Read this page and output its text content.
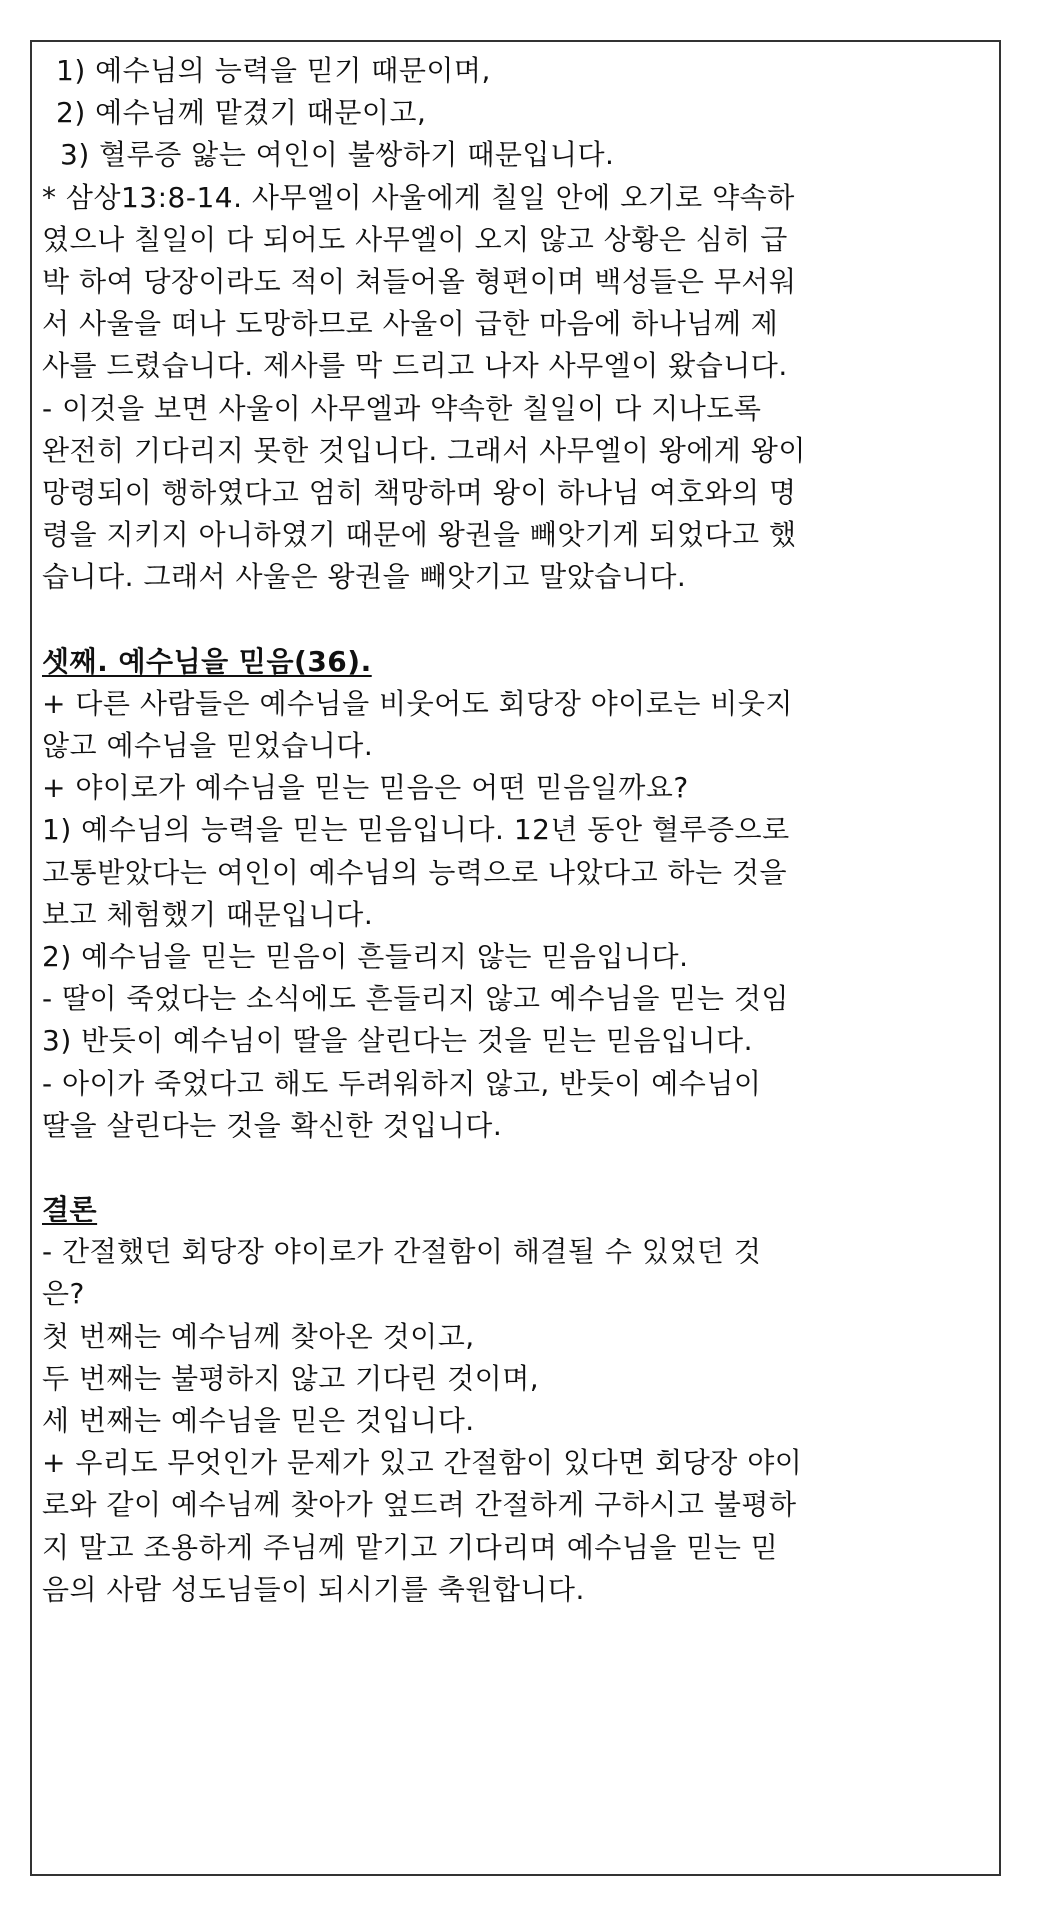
1) 예수님의 능력을 믿기 때문이며,
2) 예수님께 맡겼기 때문이고,
3) 혈루증 앓는 여인이 불쌍하기 때문입니다.
* 삼상13:8-14. 사무엘이 사울에게 칠일 안에 오기로 약속하
였으나 칠일이 다 되어도 사무엘이 오지 않고 상황은 심히 급
박 하여 당장이라도 적이 쳐들어올 형편이며 백성들은 무서워
서 사울을 떠나 도망하므로 사울이 급한 마음에 하나님께 제
사를 드렸습니다. 제사를 막 드리고 나자 사무엘이 왔습니다.
- 이것을 보면 사울이 사무엘과 약속한 칠일이 다 지나도록
완전히 기다리지 못한 것입니다. 그래서 사무엘이 왕에게 왕이
망령되이 행하였다고 엄히 책망하며 왕이 하나님 여호와의 명
령을 지키지 아니하였기 때문에 왕권을 빼앗기게 되었다고 했
습니다. 그래서 사울은 왕권을 빼앗기고 말았습니다.
셋째. 예수님을 믿음(36).
+ 다른 사람들은 예수님을 비웃어도 회당장 야이로는 비웃지
않고 예수님을 믿었습니다.
+ 야이로가 예수님을 믿는 믿음은 어떤 믿음일까요?
1) 예수님의 능력을 믿는 믿음입니다. 12년 동안 혈루증으로
고통받았다는 여인이 예수님의 능력으로 나았다고 하는 것을
보고 체험했기 때문입니다.
2) 예수님을 믿는 믿음이 흔들리지 않는 믿음입니다.
- 딸이 죽었다는 소식에도 흔들리지 않고 예수님을 믿는 것임
3) 반듯이 예수님이 딸을 살린다는 것을 믿는 믿음입니다.
- 아이가 죽었다고 해도 두려워하지 않고, 반듯이 예수님이
딸을 살린다는 것을 확신한 것입니다.
결론
- 간절했던 회당장 야이로가 간절함이 해결될 수 있었던 것
은?
첫 번째는 예수님께 찾아온 것이고,
두 번째는 불평하지 않고 기다린 것이며,
세 번째는 예수님을 믿은 것입니다.
+ 우리도 무엇인가 문제가 있고 간절함이 있다면 회당장 야이
로와 같이 예수님께 찾아가 엎드려 간절하게 구하시고 불평하
지 말고 조용하게 주님께 맡기고 기다리며 예수님을 믿는 믿
음의 사람 성도님들이 되시기를 축원합니다.
